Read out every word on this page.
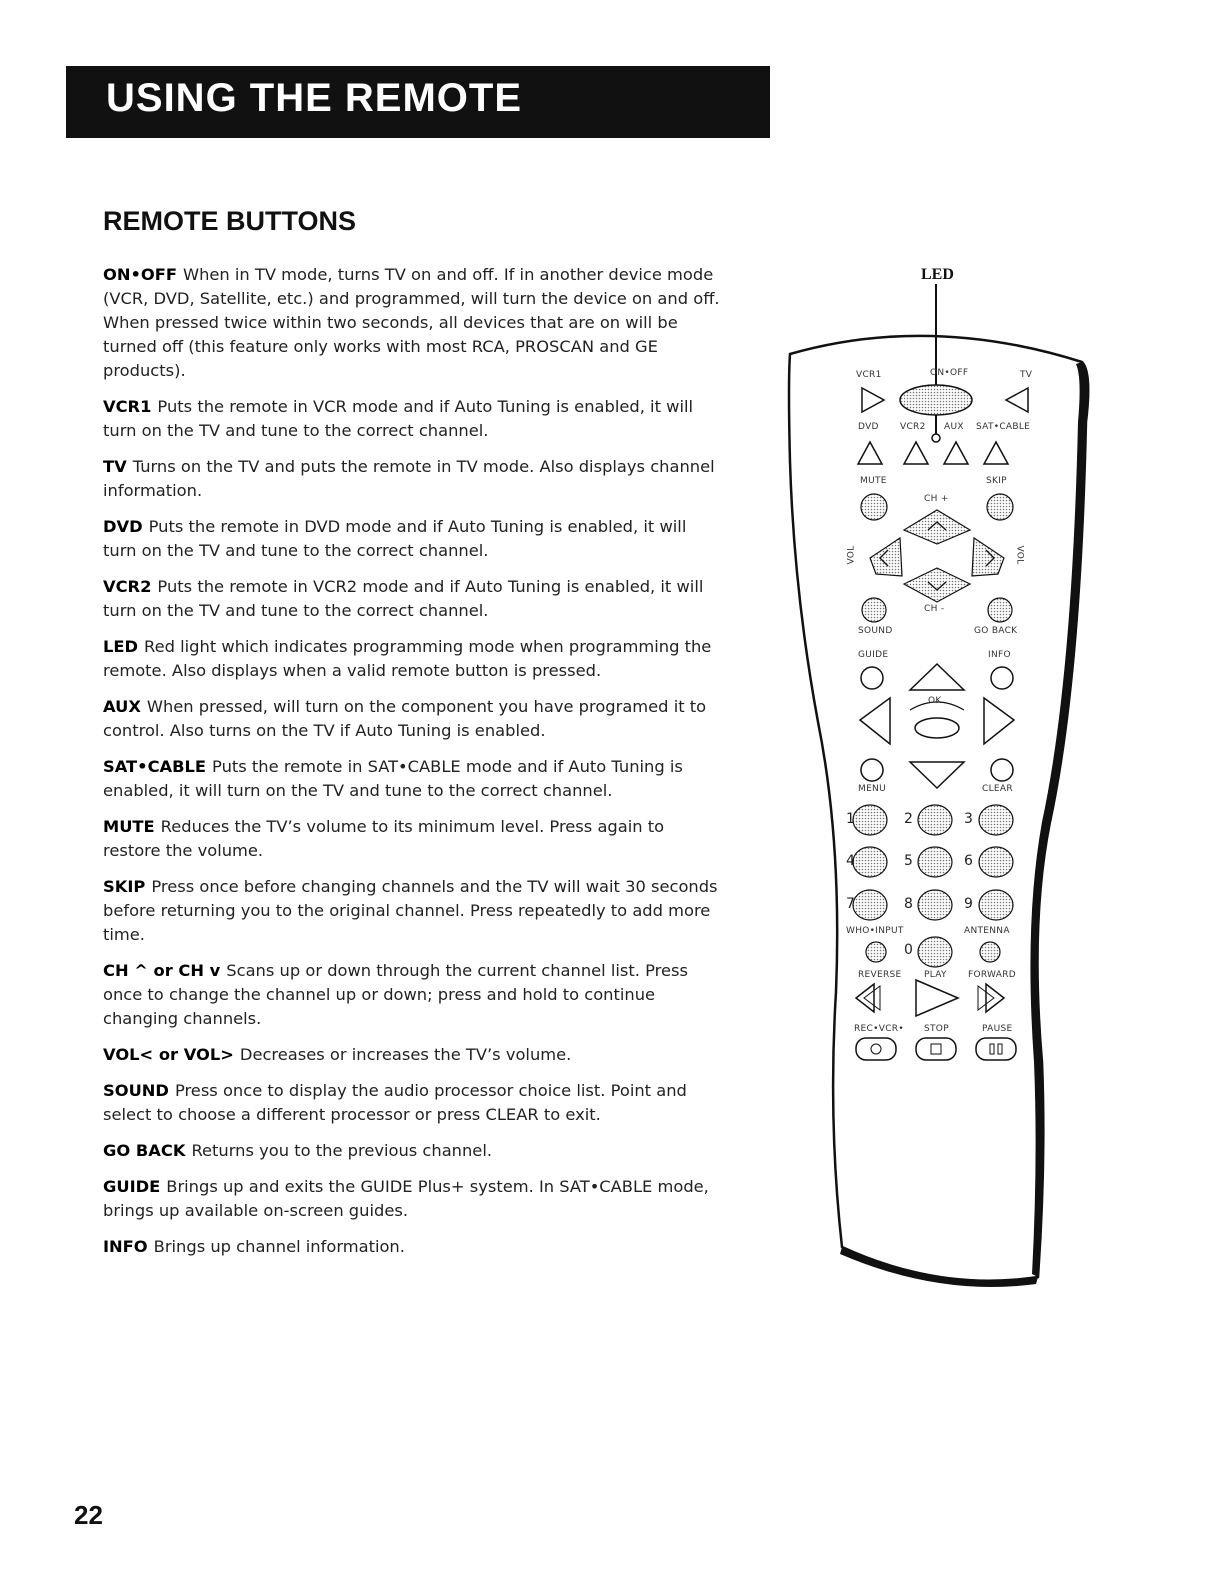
USING THE REMOTE
REMOTE BUTTONS

ON•OFF When in TV mode, turns TV on and off. If in another device mode (VCR, DVD, Satellite, etc.) and programmed, will turn the device on and off. When pressed twice within two seconds, all devices that are on will be turned off (this feature only works with most RCA, PROSCAN and GE products).

VCR1 Puts the remote in VCR mode and if Auto Tuning is enabled, it will turn on the TV and tune to the correct channel.

TV Turns on the TV and puts the remote in TV mode. Also displays channel information.

DVD Puts the remote in DVD mode and if Auto Tuning is enabled, it will turn on the TV and tune to the correct channel.

VCR2 Puts the remote in VCR2 mode and if Auto Tuning is enabled, it will turn on the TV and tune to the correct channel.

LED Red light which indicates programming mode when programming the remote. Also displays when a valid remote button is pressed.

AUX When pressed, will turn on the component you have programed it to control. Also turns on the TV if Auto Tuning is enabled.

SAT•CABLE Puts the remote in SAT•CABLE mode and if Auto Tuning is enabled, it will turn on the TV and tune to the correct channel.

MUTE Reduces the TV’s volume to its minimum level. Press again to restore the volume.

SKIP Press once before changing channels and the TV will wait 30 seconds before returning you to the original channel. Press repeatedly to add more time.

CH ^ or CH v Scans up or down through the current channel list. Press once to change the channel up or down; press and hold to continue changing channels.

VOL< or VOL> Decreases or increases the TV’s volume.

SOUND Press once to display the audio processor choice list. Point and select to choose a different processor or press CLEAR to exit.

GO BACK Returns you to the previous channel.

GUIDE Brings up and exits the GUIDE Plus+ system. In SAT•CABLE mode, brings up available on-screen guides.

INFO Brings up channel information.

LED
VCR1	ON•OFF	TV
DVD VCR2 AUX SAT•CABLE
MUTE	SKIP
CH +
CH -
VOL	VOL
SOUND	GO BACK
GUIDE	INFO
OK
MENU	CLEAR
1	2	3
4	5	6
7	8	9
WHO•INPUT	ANTENNA
0
REVERSE PLAY FORWARD
REC•VCR• STOP	PAUSE
22
